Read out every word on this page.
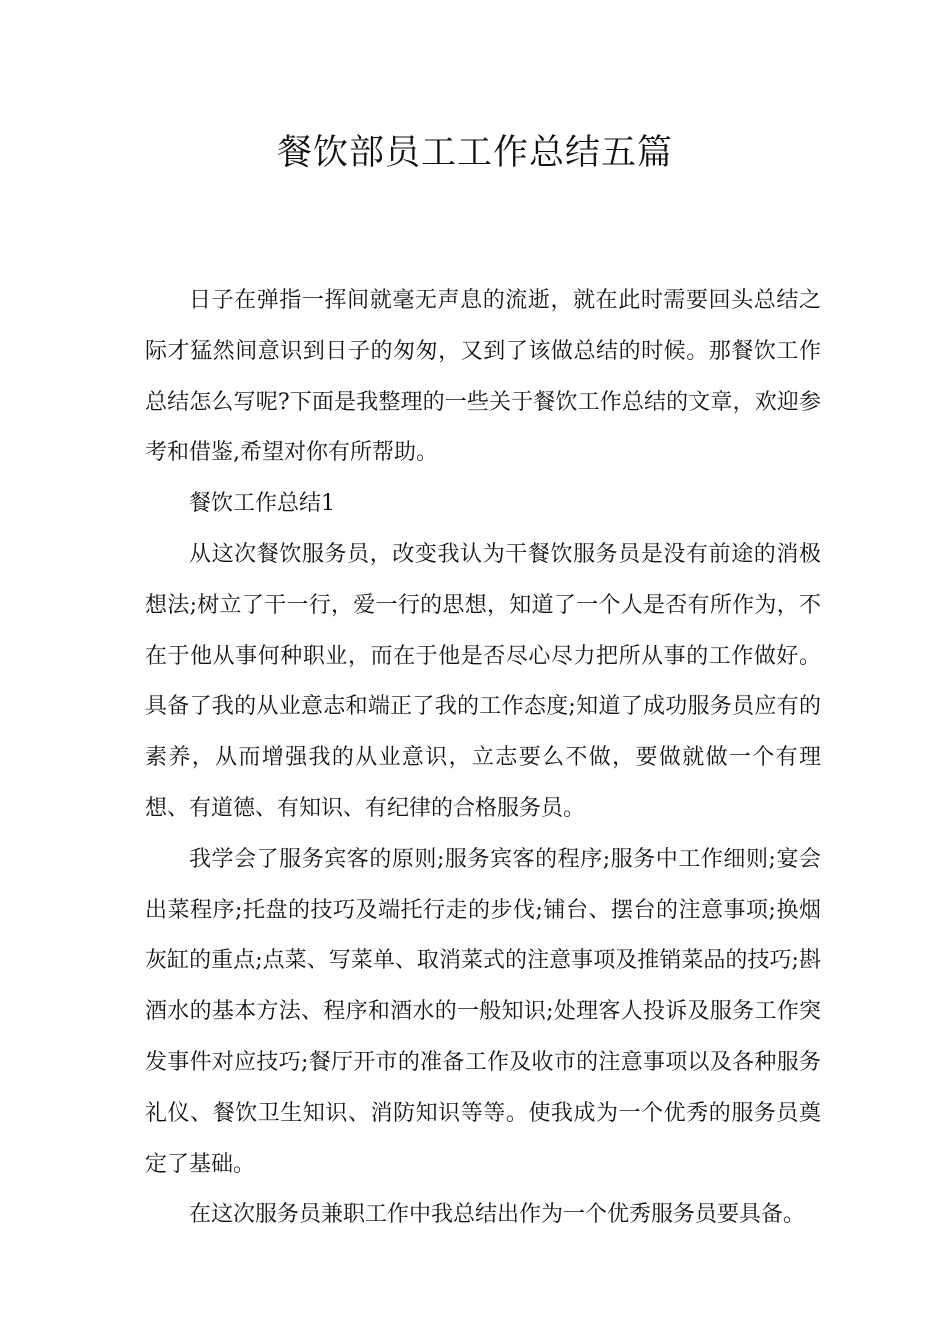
餐饮部员工工作总结五篇

日子在弹指一挥间就毫无声息的流逝，就在此时需要回头总结之际才猛然间意识到日子的匆匆，又到了该做总结的时候。那餐饮工作总结怎么写呢?下面是我整理的一些关于餐饮工作总结的文章，欢迎参考和借鉴,希望对你有所帮助。

餐饮工作总结1

从这次餐饮服务员，改变我认为干餐饮服务员是没有前途的消极想法;树立了干一行，爱一行的思想，知道了一个人是否有所作为，不在于他从事何种职业，而在于他是否尽心尽力把所从事的工作做好。具备了我的从业意志和端正了我的工作态度;知道了成功服务员应有的素养，从而增强我的从业意识，立志要么不做，要做就做一个有理想、有道德、有知识、有纪律的合格服务员。

我学会了服务宾客的原则;服务宾客的程序;服务中工作细则;宴会出菜程序;托盘的技巧及端托行走的步伐;铺台、摆台的注意事项;换烟灰缸的重点;点菜、写菜单、取消菜式的注意事项及推销菜品的技巧;斟酒水的基本方法、程序和酒水的一般知识;处理客人投诉及服务工作突发事件对应技巧;餐厅开市的准备工作及收市的注意事项以及各种服务礼仪、餐饮卫生知识、消防知识等等。使我成为一个优秀的服务员奠定了基础。

在这次服务员兼职工作中我总结出作为一个优秀服务员要具备。
